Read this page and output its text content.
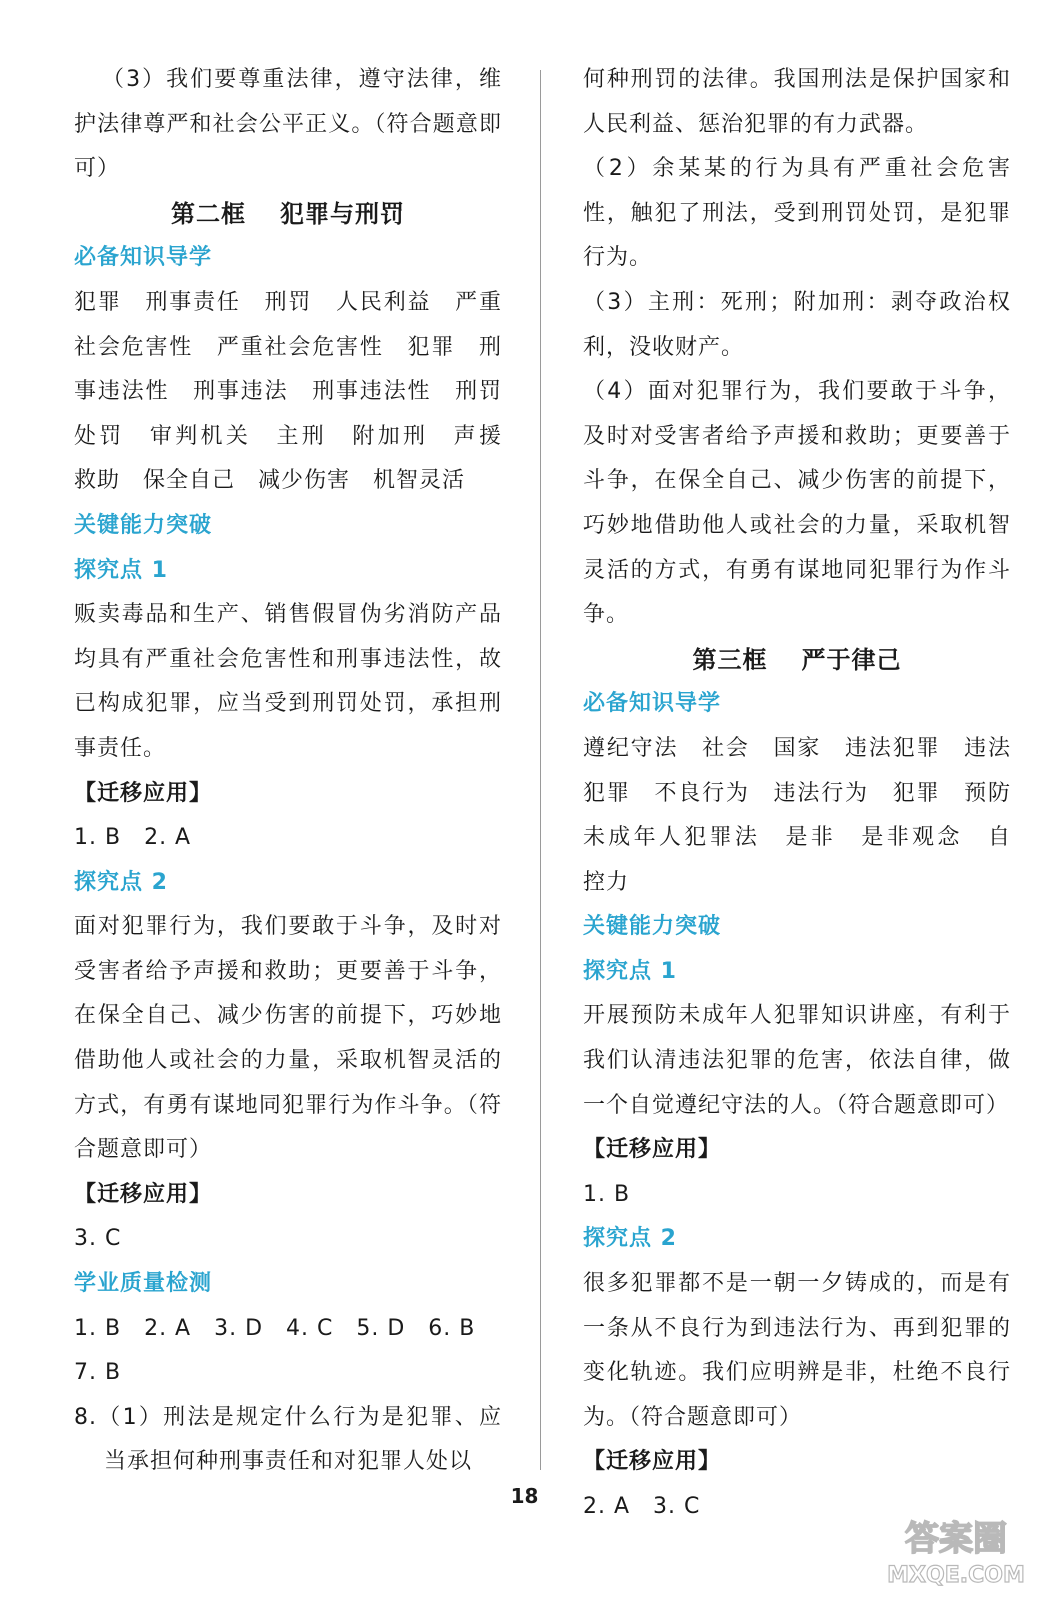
（3）我们要尊重法律，遵守法律，维护法律尊严和社会公平正义。（符合题意即可）

第二框 犯罪与刑罚

必备知识导学

犯罪　刑事责任　刑罚　人民利益　严重

社会危害性　严重社会危害性　犯罪　刑

事违法性　刑事违法　刑事违法性　刑罚

处罚　审判机关　主刑　附加刑　声援

救助　保全自己　减少伤害　机智灵活

关键能力突破

探究点 1

贩卖毒品和生产、销售假冒伪劣消防产品均具有严重社会危害性和刑事违法性，故已构成犯罪，应当受到刑罚处罚，承担刑事责任。

【迁移应用】

1. B　2. A

探究点 2

面对犯罪行为，我们要敢于斗争，及时对受害者给予声援和救助；更要善于斗争，在保全自己、减少伤害的前提下，巧妙地借助他人或社会的力量，采取机智灵活的方式，有勇有谋地同犯罪行为作斗争。（符合题意即可）

【迁移应用】

3. C

学业质量检测

1. B　2. A　3. D　4. C　5. D　6. B

7. B

8.（1）刑法是规定什么行为是犯罪、应当承担何种刑事责任和对犯罪人处以

何种刑罚的法律。我国刑法是保护国家和人民利益、惩治犯罪的有力武器。

（2）余某某的行为具有严重社会危害性，触犯了刑法，受到刑罚处罚，是犯罪行为。

（3）主刑：死刑；附加刑：剥夺政治权利，没收财产。

（4）面对犯罪行为，我们要敢于斗争，及时对受害者给予声援和救助；更要善于斗争，在保全自己、减少伤害的前提下，巧妙地借助他人或社会的力量，采取机智灵活的方式，有勇有谋地同犯罪行为作斗争。

第三框 严于律己

必备知识导学

遵纪守法　社会　国家　违法犯罪　违法

犯罪　不良行为　违法行为　犯罪　预防

未成年人犯罪法　是非　是非观念　自

控力

关键能力突破

探究点 1

开展预防未成年人犯罪知识讲座，有利于我们认清违法犯罪的危害，依法自律，做一个自觉遵纪守法的人。（符合题意即可）

【迁移应用】

1. B

探究点 2

很多犯罪都不是一朝一夕铸成的，而是有一条从不良行为到违法行为、再到犯罪的变化轨迹。我们应明辨是非，杜绝不良行为。（符合题意即可）

【迁移应用】

2. A　3. C

18
答案圈
MXQE.COM
